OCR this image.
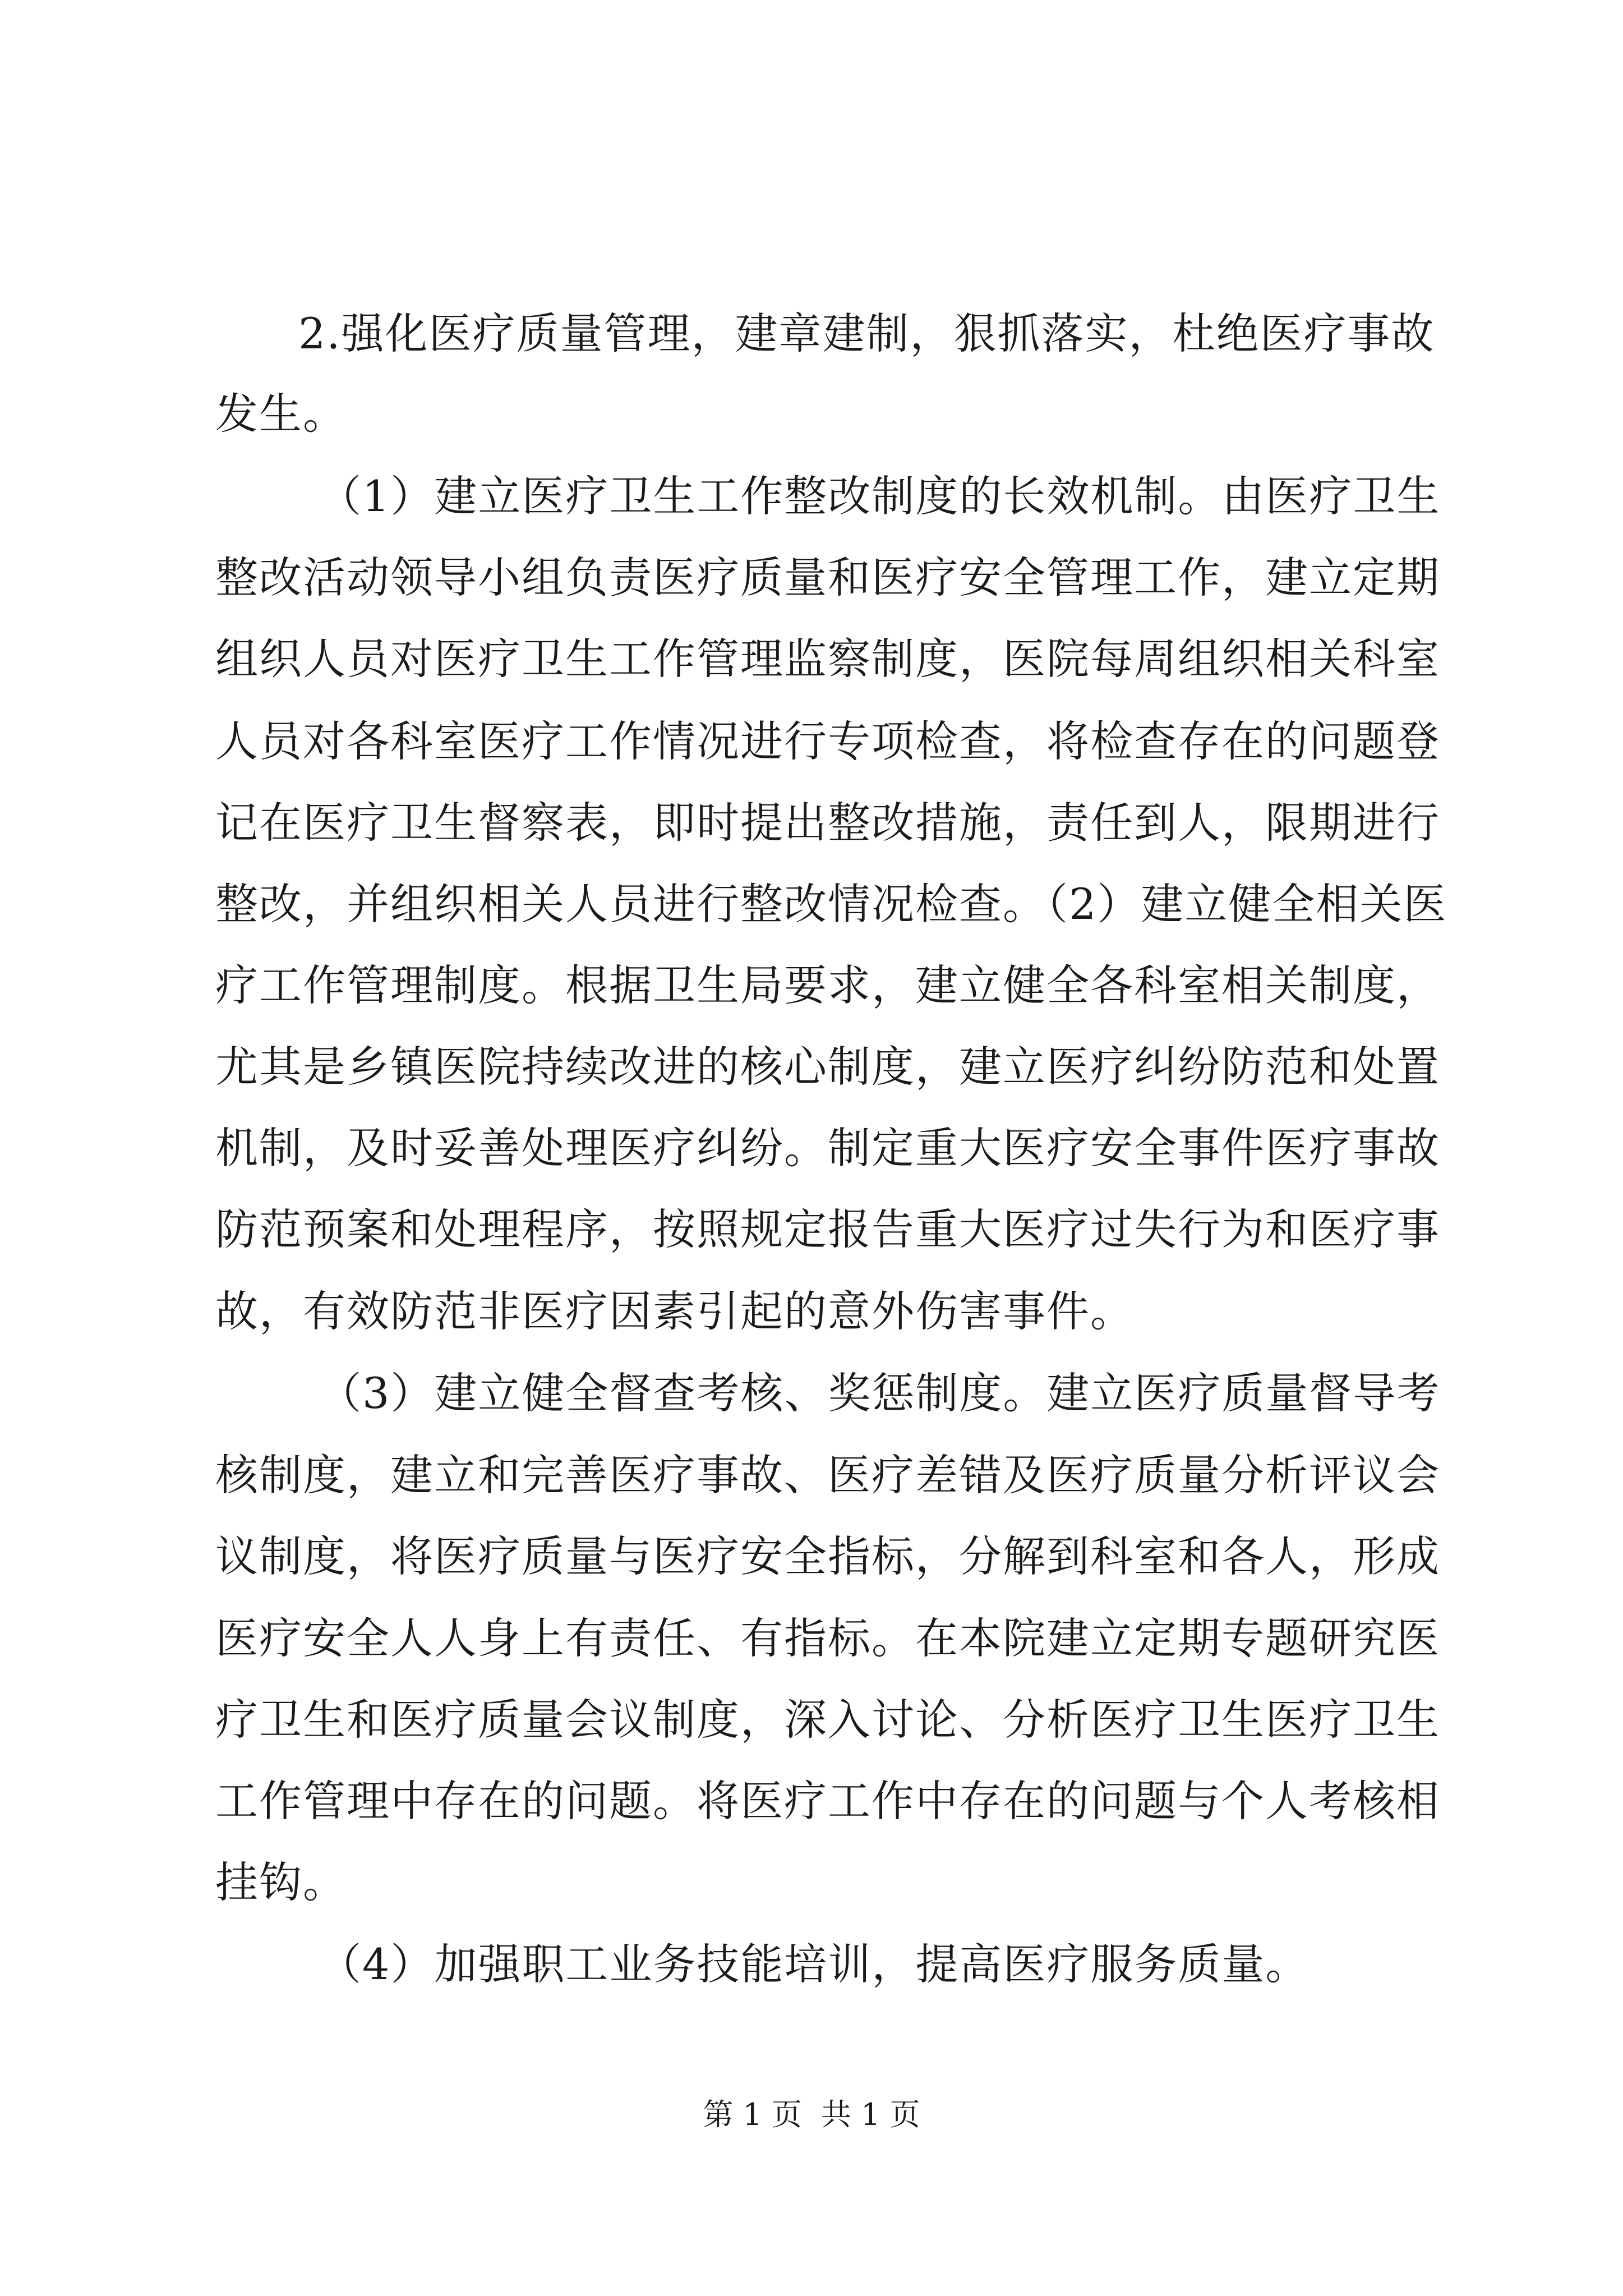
2.强化医疗质量管理，建章建制，狠抓落实，杜绝医疗事故
发生。
（1）建立医疗卫生工作整改制度的长效机制。由医疗卫生
整改活动领导小组负责医疗质量和医疗安全管理工作，建立定期
组织人员对医疗卫生工作管理监察制度，医院每周组织相关科室
人员对各科室医疗工作情况进行专项检查，将检查存在的问题登
记在医疗卫生督察表，即时提出整改措施，责任到人，限期进行
整改，并组织相关人员进行整改情况检查。（2）建立健全相关医
疗工作管理制度。根据卫生局要求，建立健全各科室相关制度，
尤其是乡镇医院持续改进的核心制度，建立医疗纠纷防范和处置
机制，及时妥善处理医疗纠纷。制定重大医疗安全事件医疗事故
防范预案和处理程序，按照规定报告重大医疗过失行为和医疗事
故，有效防范非医疗因素引起的意外伤害事件。
（3）建立健全督查考核、奖惩制度。建立医疗质量督导考
核制度，建立和完善医疗事故、医疗差错及医疗质量分析评议会
议制度，将医疗质量与医疗安全指标，分解到科室和各人，形成
医疗安全人人身上有责任、有指标。在本院建立定期专题研究医
疗卫生和医疗质量会议制度，深入讨论、分析医疗卫生医疗卫生
工作管理中存在的问题。将医疗工作中存在的问题与个人考核相
挂钩。
（4）加强职工业务技能培训，提高医疗服务质量。
第 1 页 共 1 页
